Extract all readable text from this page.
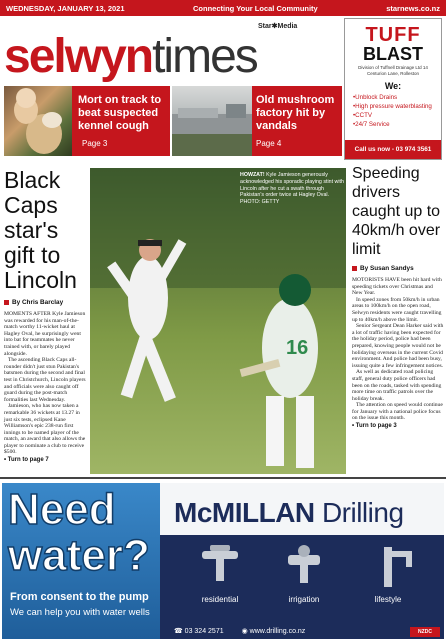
WEDNESDAY, JANUARY 13, 2021	Connecting Your Local Community	starnews.co.nz
Star✱Media
selwyntimes	TUFF
BLAST
Division of Tuffnell Drainage Ltd 14 Centurion Lane, Rolleston
We:
• Unblock Drains
• High pressure waterblasting
• CCTV
• 24/7 Service
Call us now - 03 974 3561
Mort on track to beat suspected kennel cough
Page 3
Old mushroom factory hit by vandals
Page 4
Black Caps star's gift to Lincoln
By Chris Barclay

MOMENTS AFTER Kyle Jamieson was rewarded for his man-of-the-match worthy 11-wicket haul at Hagley Oval, he surprisingly went into bat for teammates he never trained with, or barely played alongside.

The ascending Black Caps all-rounder didn't just stun Pakistan's batsmen during the second and final test in Christchurch, Lincoln players and officials were also caught off guard during the post-match formalities last Wednesday.

Jamieson, who has now taken a remarkable 36 wickets at 13.27 in just six tests, eclipsed Kane Williamson's epic 238-run first innings to be named player of the match, an award that also allows the player to nominate a club to receive $500.

• Turn to page 7
16
HOWZAT! Kyle Jamieson generously acknowledged his sporadic playing stint with Lincoln after he cut a swath through Pakistan's order twice at Hagley Oval. PHOTO: GETTY
Speeding drivers caught up to 40km/h over limit
By Susan Sandys

MOTORISTS HAVE been hit hard with speeding tickets over Christmas and New Year.

In speed zones from 50km/h in urban areas to 100km/h on the open road, Selwyn residents were caught travelling up to 40km/h above the limit.

Senior Sergeant Dean Harker said with a lot of traffic having been expected for the holiday period, police had been prepared, knowing people would not be holidaying overseas in the current Covid environment. And police had been busy, issuing quite a few infringement notices.

As well as dedicated road policing staff, general duty police officers had been on the roads, tasked with spending more time on traffic patrols over the holiday break.

The attention on speed would continue for January with a national police focus on the issue this month.

• Turn to page 3
Need
water?
From consent to the pump
We can help you with water wells
McMILLAN Drilling
residential	irrigation	lifestyle
☎ 03 324 2571	◉ www.drilling.co.nz	NZDC
